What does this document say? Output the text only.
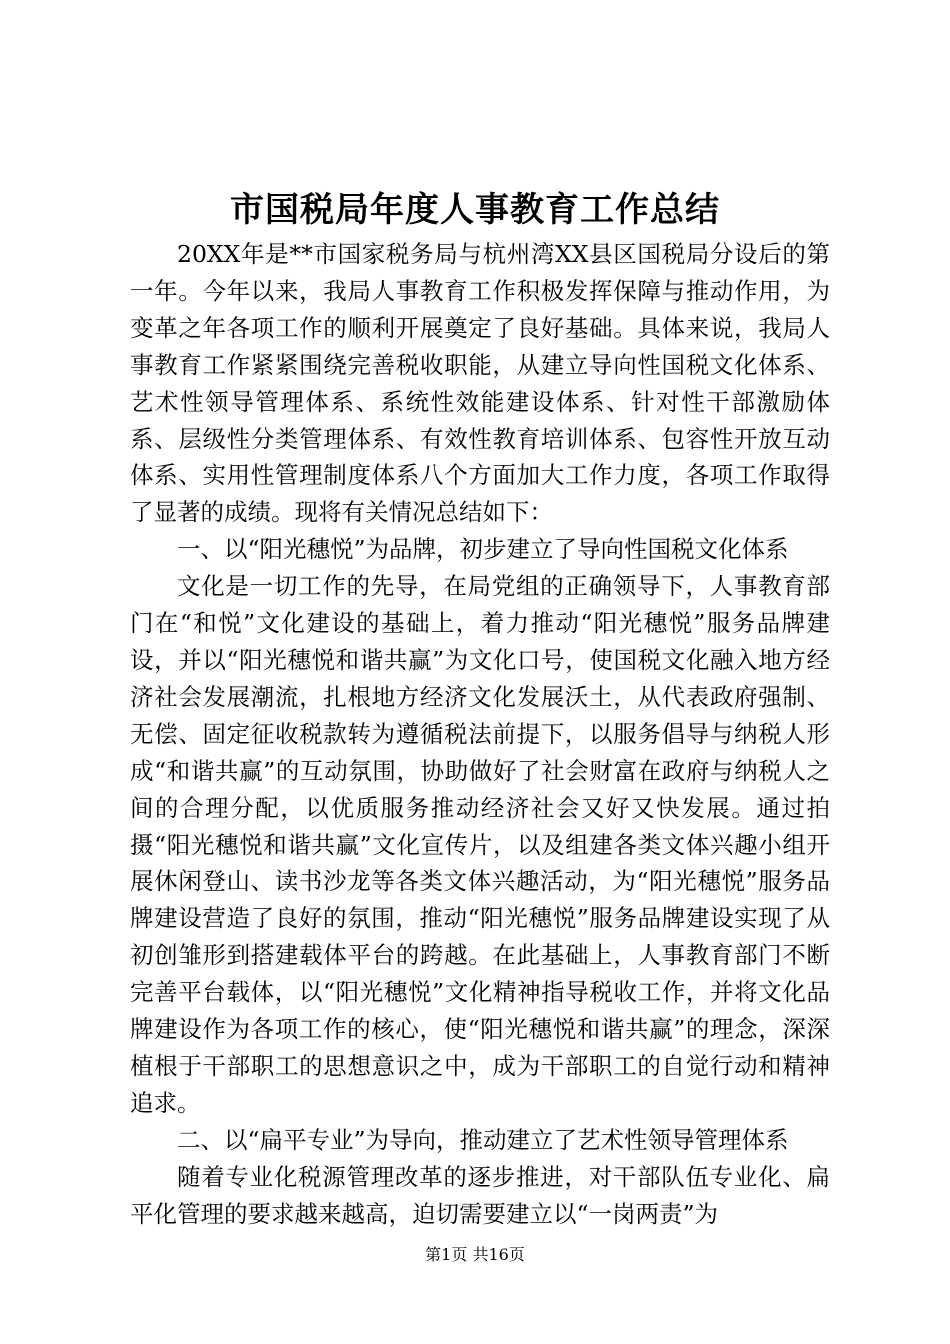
市国税局年度人事教育工作总结

20XX年是**市国家税务局与杭州湾XX县区国税局分设后的第一年。今年以来，我局人事教育工作积极发挥保障与推动作用，为变革之年各项工作的顺利开展奠定了良好基础。具体来说，我局人事教育工作紧紧围绕完善税收职能，从建立导向性国税文化体系、艺术性领导管理体系、系统性效能建设体系、针对性干部激励体系、层级性分类管理体系、有效性教育培训体系、包容性开放互动体系、实用性管理制度体系八个方面加大工作力度，各项工作取得了显著的成绩。现将有关情况总结如下：

一、以“阳光穗悦”为品牌，初步建立了导向性国税文化体系

文化是一切工作的先导，在局党组的正确领导下，人事教育部门在“和悦”文化建设的基础上，着力推动“阳光穗悦”服务品牌建设，并以“阳光穗悦和谐共赢”为文化口号，使国税文化融入地方经济社会发展潮流，扎根地方经济文化发展沃土，从代表政府强制、无偿、固定征收税款转为遵循税法前提下，以服务倡导与纳税人形成“和谐共赢”的互动氛围，协助做好了社会财富在政府与纳税人之间的合理分配，以优质服务推动经济社会又好又快发展。通过拍摄“阳光穗悦和谐共赢”文化宣传片，以及组建各类文体兴趣小组开展休闲登山、读书沙龙等各类文体兴趣活动，为“阳光穗悦”服务品牌建设营造了良好的氛围，推动“阳光穗悦”服务品牌建设实现了从初创雏形到搭建载体平台的跨越。在此基础上，人事教育部门不断完善平台载体，以“阳光穗悦”文化精神指导税收工作，并将文化品牌建设作为各项工作的核心，使“阳光穗悦和谐共赢”的理念，深深植根于干部职工的思想意识之中，成为干部职工的自觉行动和精神追求。

二、以“扁平专业”为导向，推动建立了艺术性领导管理体系

随着专业化税源管理改革的逐步推进，对干部队伍专业化、扁平化管理的要求越来越高，迫切需要建立以“一岗两责”为

第1页 共16页
